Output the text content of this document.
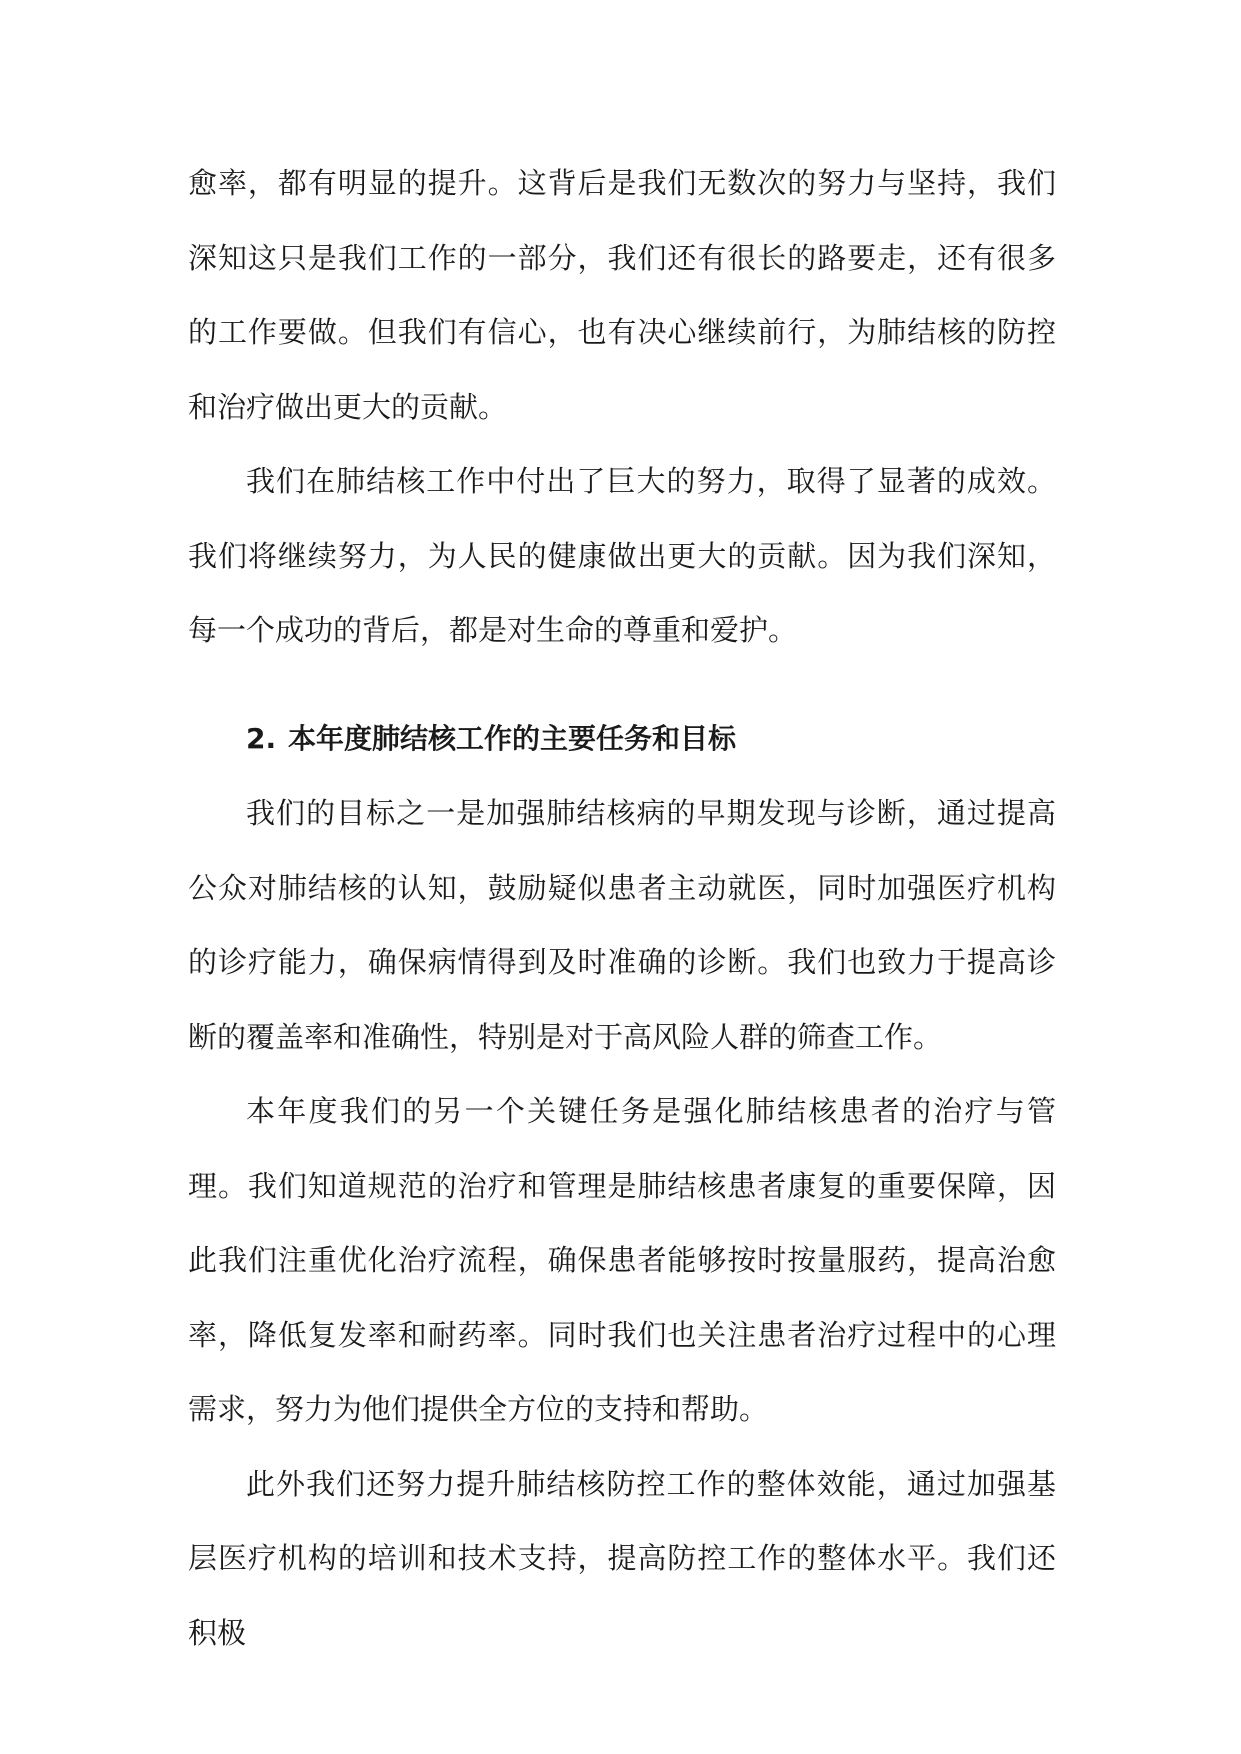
愈率，都有明显的提升。这背后是我们无数次的努力与坚持，我们深知这只是我们工作的一部分，我们还有很长的路要走，还有很多的工作要做。但我们有信心，也有决心继续前行，为肺结核的防控和治疗做出更大的贡献。

我们在肺结核工作中付出了巨大的努力，取得了显著的成效。我们将继续努力，为人民的健康做出更大的贡献。因为我们深知，每一个成功的背后，都是对生命的尊重和爱护。

2. 本年度肺结核工作的主要任务和目标

我们的目标之一是加强肺结核病的早期发现与诊断，通过提高公众对肺结核的认知，鼓励疑似患者主动就医，同时加强医疗机构的诊疗能力，确保病情得到及时准确的诊断。我们也致力于提高诊断的覆盖率和准确性，特别是对于高风险人群的筛查工作。

本年度我们的另一个关键任务是强化肺结核患者的治疗与管理。我们知道规范的治疗和管理是肺结核患者康复的重要保障，因此我们注重优化治疗流程，确保患者能够按时按量服药，提高治愈率，降低复发率和耐药率。同时我们也关注患者治疗过程中的心理需求，努力为他们提供全方位的支持和帮助。

此外我们还努力提升肺结核防控工作的整体效能，通过加强基层医疗机构的培训和技术支持，提高防控工作的整体水平。我们还积极
